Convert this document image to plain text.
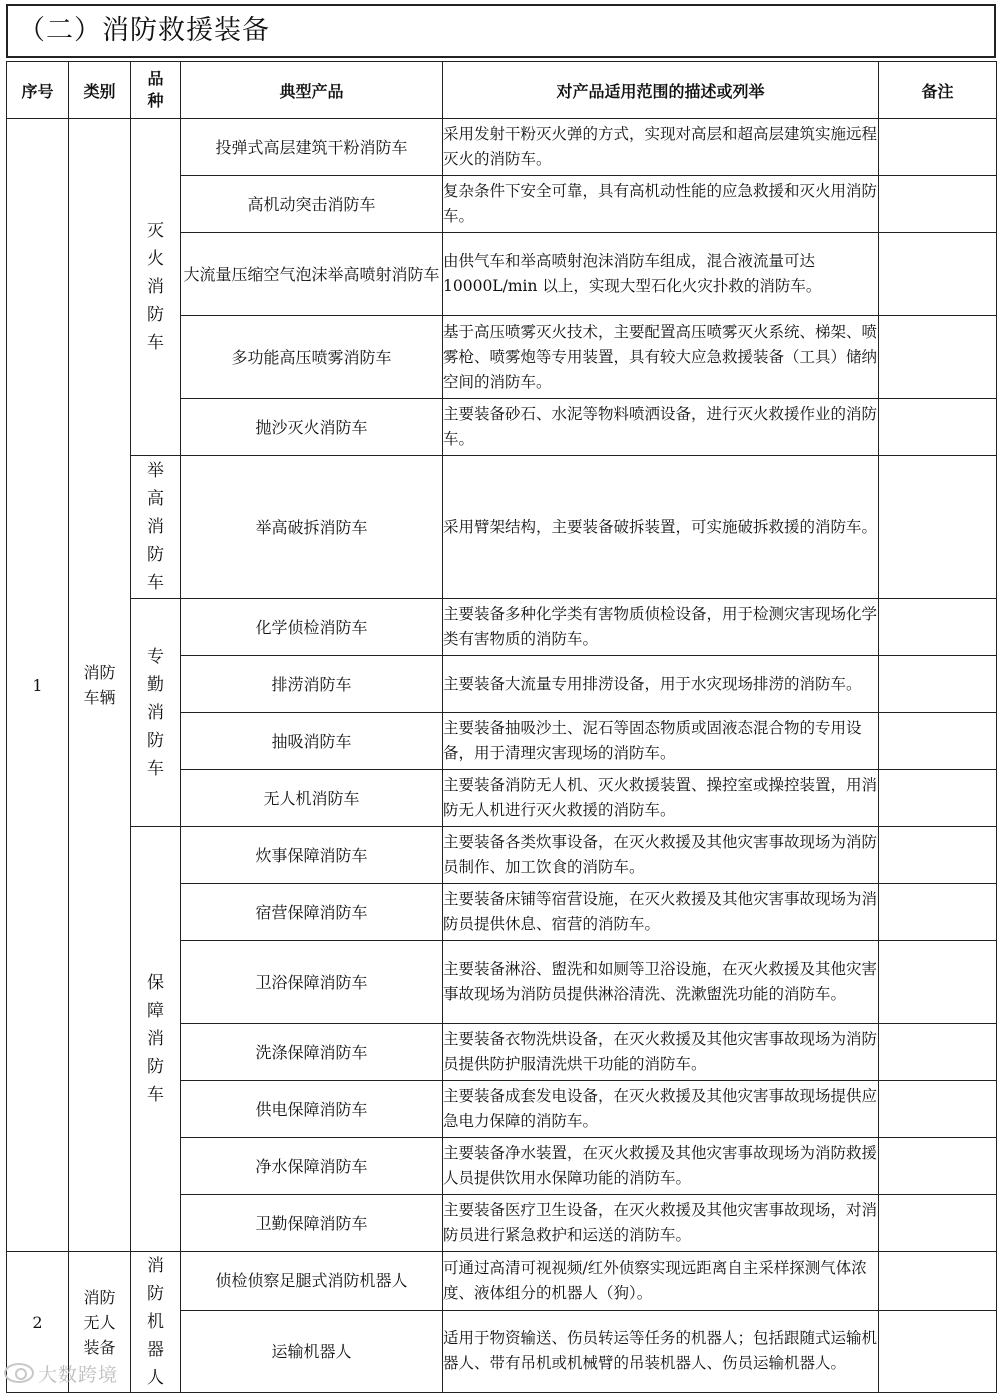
（二）消防救援装备
序号	类别	品种	典型产品	对产品适用范围的描述或列举	备注
1	消防车辆	灭火消防车	投弹式高层建筑干粉消防车	采用发射干粉灭火弹的方式，实现对高层和超高层建筑实施远程灭火的消防车。	
			高机动突击消防车	复杂条件下安全可靠，具有高机动性能的应急救援和灭火用消防车。	
			大流量压缩空气泡沫举高喷射消防车	由供气车和举高喷射泡沫消防车组成，混合液流量可达 10000L/min 以上，实现大型石化火灾扑救的消防车。	
			多功能高压喷雾消防车	基于高压喷雾灭火技术，主要配置高压喷雾灭火系统、梯架、喷雾枪、喷雾炮等专用装置，具有较大应急救援装备（工具）储纳空间的消防车。	
			抛沙灭火消防车	主要装备砂石、水泥等物料喷洒设备，进行灭火救援作业的消防车。	

		举高消防车	举高破拆消防车	采用臂架结构，主要装备破拆装置，可实施破拆救援的消防车。	

		专勤消防车	化学侦检消防车	主要装备多种化学类有害物质侦检设备，用于检测灾害现场化学类有害物质的消防车。	
			排涝消防车	主要装备大流量专用排涝设备，用于水灾现场排涝的消防车。	
			抽吸消防车	主要装备抽吸沙土、泥石等固态物质或固液态混合物的专用设备，用于清理灾害现场的消防车。	
			无人机消防车	主要装备消防无人机、灭火救援装置、操控室或操控装置，用消防无人机进行灭火救援的消防车。	

		保障消防车	炊事保障消防车	主要装备各类炊事设备，在灭火救援及其他灾害事故现场为消防员制作、加工饮食的消防车。	
			宿营保障消防车	主要装备床铺等宿营设施，在灭火救援及其他灾害事故现场为消防员提供休息、宿营的消防车。	
			卫浴保障消防车	主要装备淋浴、盥洗和如厕等卫浴设施，在灭火救援及其他灾害事故现场为消防员提供淋浴清洗、洗漱盥洗功能的消防车。	
			洗涤保障消防车	主要装备衣物洗烘设备，在灭火救援及其他灾害事故现场为消防员提供防护服清洗烘干功能的消防车。	
			供电保障消防车	主要装备成套发电设备，在灭火救援及其他灾害事故现场提供应急电力保障的消防车。	
			净水保障消防车	主要装备净水装置，在灭火救援及其他灾害事故现场为消防救援人员提供饮用水保障功能的消防车。	
			卫勤保障消防车	主要装备医疗卫生设备，在灭火救援及其他灾害事故现场，对消防员进行紧急救护和运送的消防车。	
2	消防无人装备	消防机器人	侦检侦察足腿式消防机器人	可通过高清可视视频/红外侦察实现远距离自主采样探测气体浓度、液体组分的机器人（狗）。	
			运输机器人	适用于物资输送、伤员转运等任务的机器人；包括跟随式运输机器人、带有吊机或机械臂的吊装机器人、伤员运输机器人。	
大数跨境
